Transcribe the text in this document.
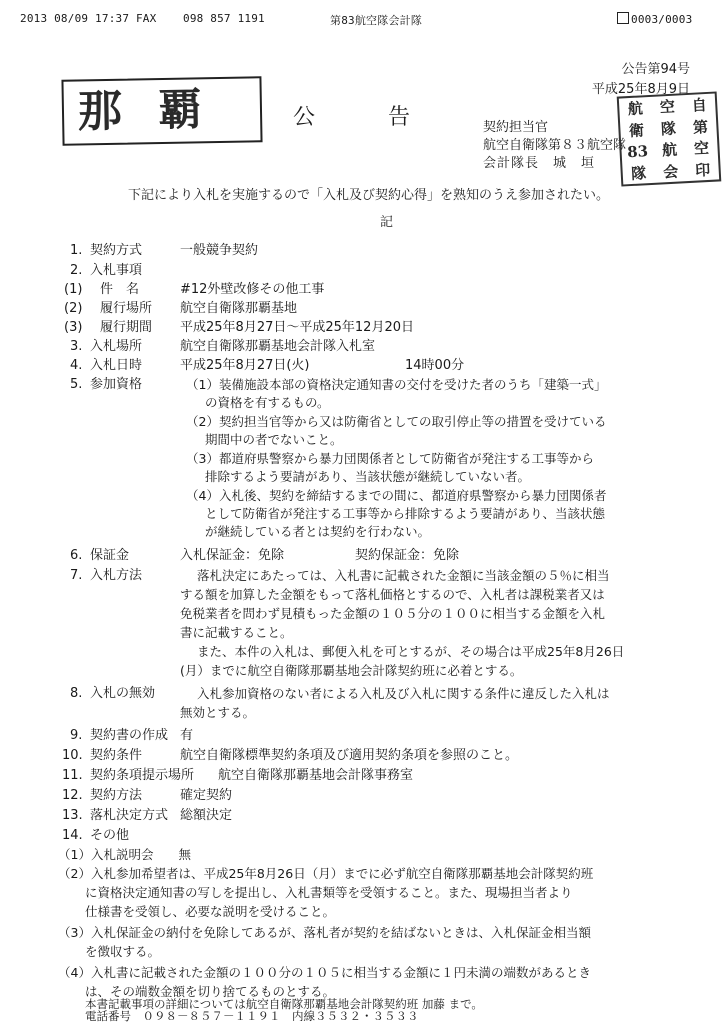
2013 08/09 17:37 FAX 098 857 1191	第83航空隊会計隊	0003/0003
公告第94号
平成25年8月9日
那覇	公	告	契約担当官
航空自衛隊第８３航空隊
会計隊長　城　垣
航	空	自
衛	隊	第
83 航	空
隊	会	印
下記により入札を実施するので「入札及び契約心得」を熟知のうえ参加されたい。
記
1. 契約方式	一般競争契約
2. 入札事項
(1) 件　名	#12外壁改修その他工事
(2) 履行場所 航空自衛隊那覇基地
(3) 履行期間 平成25年8月27日～平成25年12月20日
3. 入札場所	航空自衛隊那覇基地会計隊入札室
4. 入札日時	平成25年8月27日(火)	14時00分
5. 参加資格	（1）装備施設本部の資格決定通知書の交付を受けた者のうち「建築一式」
の資格を有するもの。
（2）契約担当官等から又は防衛省としての取引停止等の措置を受けている
期間中の者でないこと。
（3）都道府県警察から暴力団関係者として防衛省が発注する工事等から
排除するよう要請があり、当該状態が継続していない者。
（4）入札後、契約を締結するまでの間に、都道府県警察から暴力団関係者
として防衛省が発注する工事等から排除するよう要請があり、当該状態
が継続している者とは契約を行わない。
6. 保証金	入札保証金：免除	契約保証金：免除
7. 入札方法	落札決定にあたっては、入札書に記載された金額に当該金額の５％に相当
する額を加算した金額をもって落札価格とするので、入札者は課税業者又は
免税業者を問わず見積もった金額の１０５分の１００に相当する金額を入札
書に記載すること。
また、本件の入札は、郵便入札を可とするが、その場合は平成25年8月26日
(月）までに航空自衛隊那覇基地会計隊契約班に必着とする。
8. 入札の無効	入札参加資格のない者による入札及び入札に関する条件に違反した入札は
無効とする。
9. 契約書の作成 有
10. 契約条件	航空自衛隊標準契約条項及び適用契約条項を参照のこと。
11. 契約条項提示場所 航空自衛隊那覇基地会計隊事務室
12. 契約方法	確定契約
13. 落札決定方式 総額決定
14. その他
（1）入札説明会　　無
（2）入札参加希望者は、平成25年8月26日（月）までに必ず航空自衛隊那覇基地会計隊契約班
に資格決定通知書の写しを提出し、入札書類等を受領すること。また、現場担当者より
仕様書を受領し、必要な説明を受けること。
（3）入札保証金の納付を免除してあるが、落札者が契約を結ばないときは、入札保証金相当額
を徴収する。
（4）入札書に記載された金額の１００分の１０５に相当する金額に１円未満の端数があるとき
は、その端数金額を切り捨てるものとする。
本書記載事項の詳細については航空自衛隊那覇基地会計隊契約班 加藤 まで。
電話番号　０９８－８５７－１１９１　内線３５３２・３５３３
